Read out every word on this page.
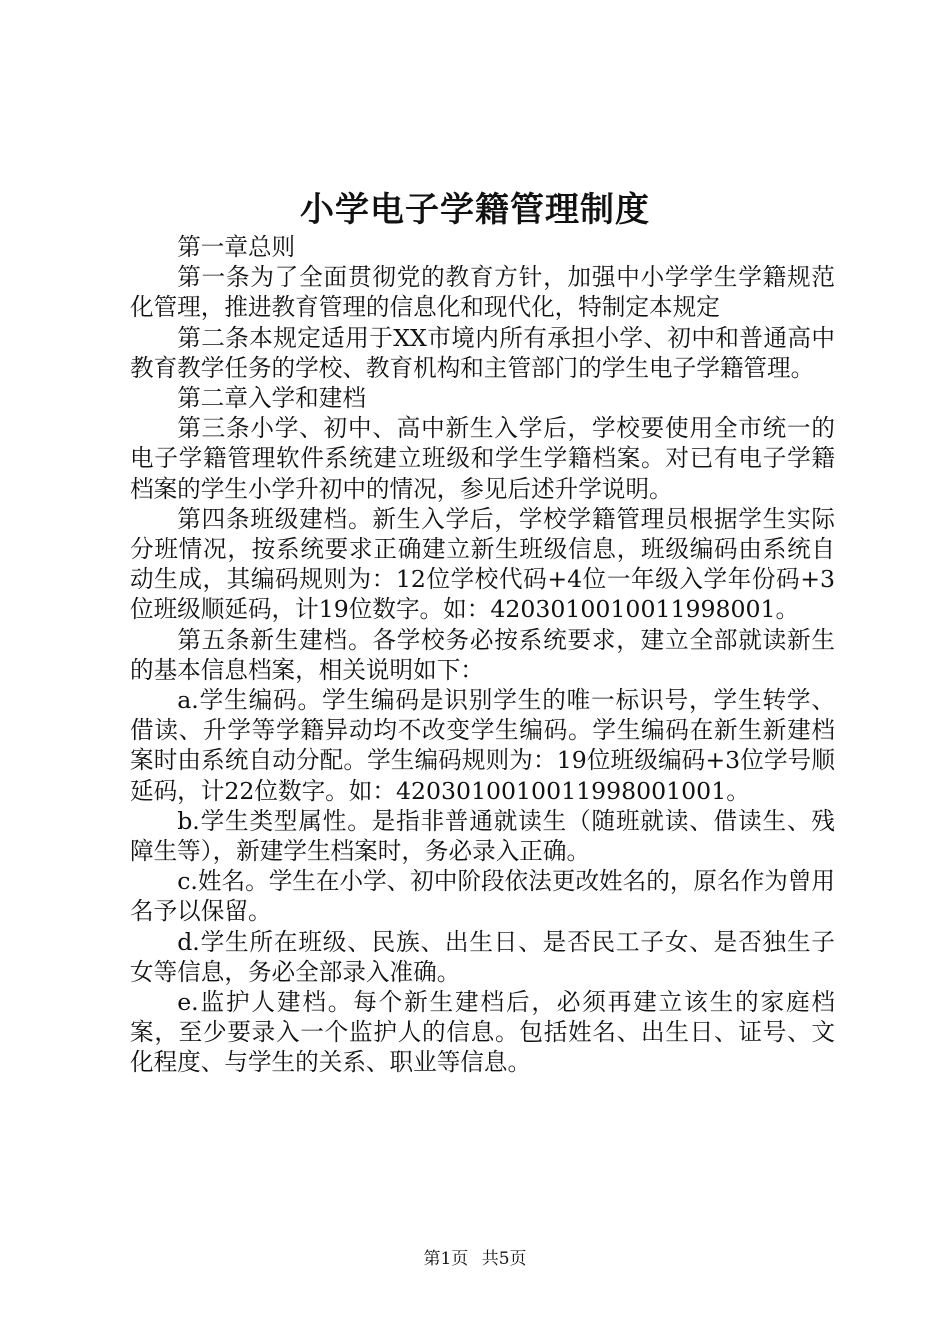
小学电子学籍管理制度

第一章总则

第一条为了全面贯彻党的教育方针，加强中小学学生学籍规范化管理，推进教育管理的信息化和现代化，特制定本规定

第二条本规定适用于XX市境内所有承担小学、初中和普通高中教育教学任务的学校、教育机构和主管部门的学生电子学籍管理。

第二章入学和建档

第三条小学、初中、高中新生入学后，学校要使用全市统一的电子学籍管理软件系统建立班级和学生学籍档案。对已有电子学籍档案的学生小学升初中的情况，参见后述升学说明。

第四条班级建档。新生入学后，学校学籍管理员根据学生实际分班情况，按系统要求正确建立新生班级信息，班级编码由系统自动生成，其编码规则为：12位学校代码+4位一年级入学年份码+3位班级顺延码，计19位数字。如：4203010010011998001。

第五条新生建档。各学校务必按系统要求，建立全部就读新生的基本信息档案，相关说明如下：

a.学生编码。学生编码是识别学生的唯一标识号，学生转学、借读、升学等学籍异动均不改变学生编码。学生编码在新生新建档案时由系统自动分配。学生编码规则为：19位班级编码+3位学号顺延码，计22位数字。如：4203010010011998001001。

b.学生类型属性。是指非普通就读生（随班就读、借读生、残障生等），新建学生档案时，务必录入正确。

c.姓名。学生在小学、初中阶段依法更改姓名的，原名作为曾用名予以保留。

d.学生所在班级、民族、出生日、是否民工子女、是否独生子女等信息，务必全部录入准确。

e.监护人建档。每个新生建档后，必须再建立该生的家庭档案，至少要录入一个监护人的信息。包括姓名、出生日、证号、文化程度、与学生的关系、职业等信息。

第1页 共5页
